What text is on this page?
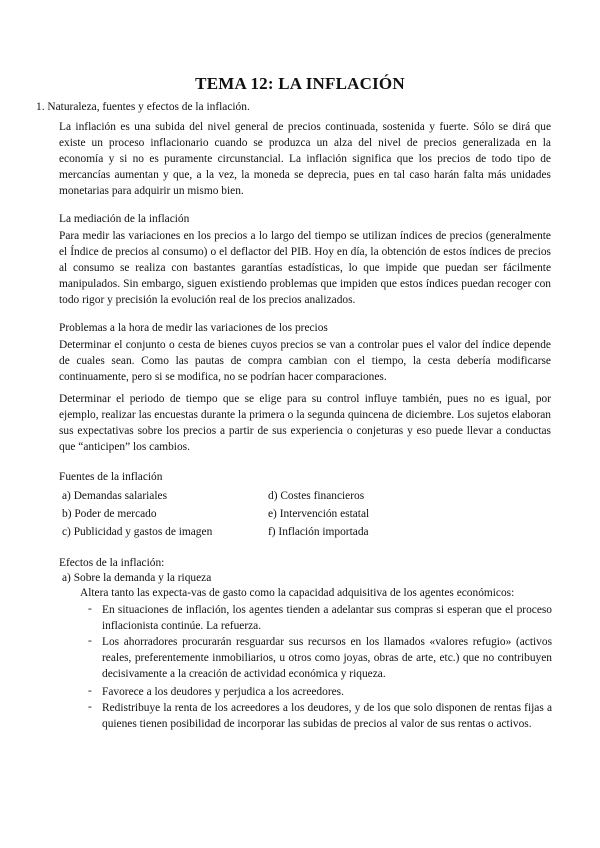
TEMA 12: LA INFLACIÓN

1. Naturaleza, fuentes y efectos de la inflación.

La inflación es una subida del nivel general de precios continuada, sostenida y fuerte. Sólo se dirá que existe un proceso inflacionario cuando se produzca un alza del nivel de precios generalizada en la economía y si no es puramente circunstancial. La inflación significa que los precios de todo tipo de mercancías aumentan y que, a la vez, la moneda se deprecia, pues en tal caso harán falta más unidades monetarias para adquirir un mismo bien.

La mediación de la inflación

Para medir las variaciones en los precios a lo largo del tiempo se utilizan índices de precios (generalmente el Índice de precios al consumo) o el deflactor del PIB. Hoy en día, la obtención de estos índices de precios al consumo se realiza con bastantes garantías estadísticas, lo que impide que puedan ser fácilmente manipulados. Sin embargo, siguen existiendo problemas que impiden que estos índices puedan recoger con todo rigor y precisión la evolución real de los precios analizados.

Problemas a la hora de medir las variaciones de los precios

Determinar el conjunto o cesta de bienes cuyos precios se van a controlar pues el valor del índice depende de cuales sean. Como las pautas de compra cambian con el tiempo, la cesta debería modificarse continuamente, pero si se modifica, no se podrían hacer comparaciones.

Determinar el periodo de tiempo que se elige para su control influye también, pues no es igual, por ejemplo, realizar las encuestas durante la primera o la segunda quincena de diciembre. Los sujetos elaboran sus expectativas sobre los precios a partir de sus experiencia o conjeturas y eso puede llevar a conductas que “anticipen” los cambios.

Fuentes de la inflación

a) Demandas salariales	d) Costes financieros
b) Poder de mercado	e) Intervención estatal
c) Publicidad y gastos de imagen	f) Inflación importada

Efectos de la inflación:

a) Sobre la demanda y la riqueza

Altera tanto las expecta-vas de gasto como la capacidad adquisitiva de los agentes económicos:

- En situaciones de inflación, los agentes tienden a adelantar sus compras si esperan que el proceso inflacionista continúe. La refuerza.

- Los ahorradores procurarán resguardar sus recursos en los llamados «valores refugio» (activos reales, preferentemente inmobiliarios, u otros como joyas, obras de arte, etc.) que no contribuyen decisivamente a la creación de actividad económica y riqueza.

- Favorece a los deudores y perjudica a los acreedores.

- Redistribuye la renta de los acreedores a los deudores, y de los que solo disponen de rentas fijas a quienes tienen posibilidad de incorporar las subidas de precios al valor de sus rentas o activos.
